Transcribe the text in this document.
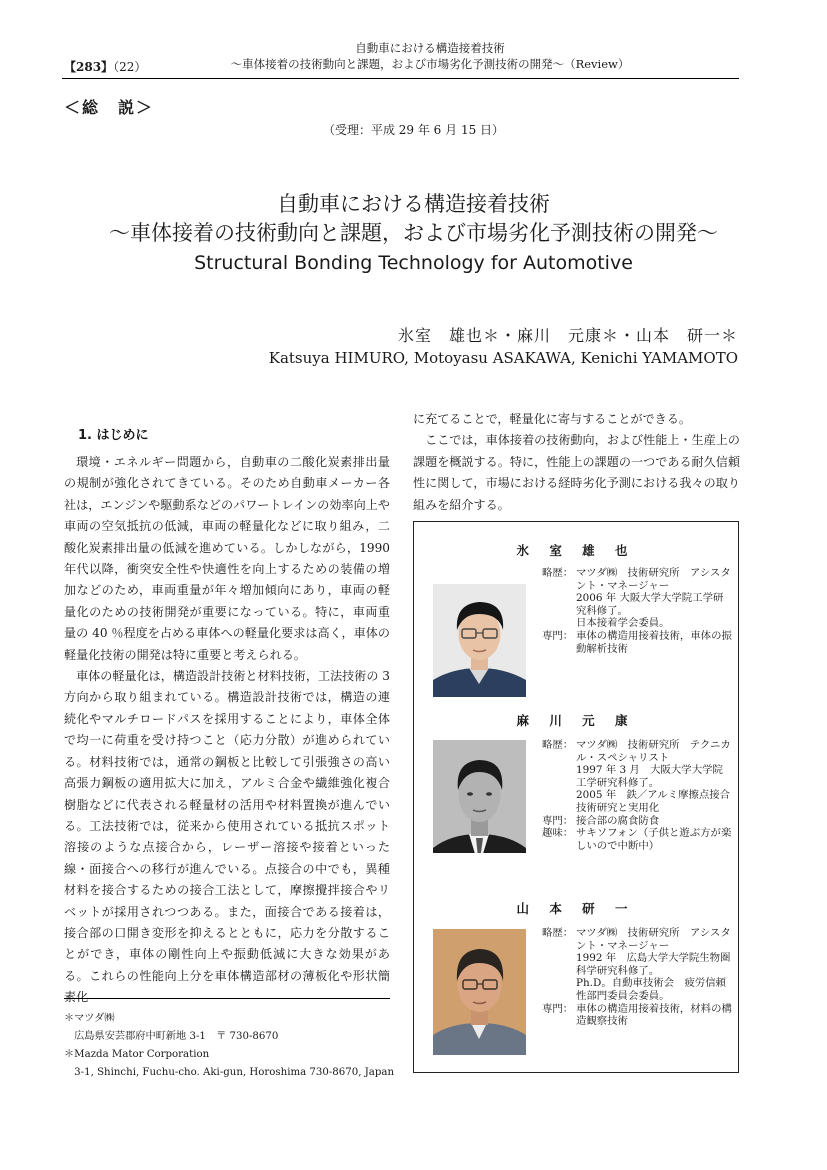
【283】（22）
自動車における構造接着技術
～車体接着の技術動向と課題，および市場劣化予測技術の開発～（Review）
＜総　説＞
（受理：平成 29 年 6 月 15 日）
自動車における構造接着技術
～車体接着の技術動向と課題，および市場劣化予測技術の開発～
Structural Bonding Technology for Automotive
氷室　雄也＊・麻川　元康＊・山本　研一＊
Katsuya HIMURO, Motoyasu ASAKAWA, Kenichi YAMAMOTO
1. はじめに

環境・エネルギー問題から，自動車の二酸化炭素排出量の規制が強化されてきている。そのため自動車メーカー各社は，エンジンや駆動系などのパワートレインの効率向上や車両の空気抵抗の低減，車両の軽量化などに取り組み，二酸化炭素排出量の低減を進めている。しかしながら，1990 年代以降，衝突安全性や快適性を向上するための装備の増加などのため，車両重量が年々増加傾向にあり，車両の軽量化のための技術開発が重要になっている。特に，車両重量の 40 ％程度を占める車体への軽量化要求は高く，車体の軽量化技術の開発は特に重要と考えられる。

車体の軽量化は，構造設計技術と材料技術，工法技術の 3 方向から取り組まれている。構造設計技術では，構造の連続化やマルチロードパスを採用することにより，車体全体で均一に荷重を受け持つこと（応力分散）が進められている。材料技術では，通常の鋼板と比較して引張強さの高い高張力鋼板の適用拡大に加え，アルミ合金や繊維強化複合樹脂などに代表される軽量材の活用や材料置換が進んでいる。工法技術では，従来から使用されている抵抗スポット溶接のような点接合から，レーザー溶接や接着といった線・面接合への移行が進んでいる。点接合の中でも，異種材料を接合するための接合工法として，摩擦攪拌接合やリベットが採用されつつある。また，面接合である接着は，接合部の口開き変形を抑えるとともに，応力を分散することができ，車体の剛性向上や振動低減に大きな効果がある。これらの性能向上分を車体構造部材の薄板化や形状簡

に充てることで，軽量化に寄与することができる。

ここでは，車体接着の技術動向，および性能上・生産上の課題を概説する。特に，性能上の課題の一つである耐久信頼性に関して，市場における経時劣化予測における我々の取り組みを紹介する。

＊マツダ㈱
　広島県安芸郡府中町新地 3-1　〒 730-8670
＊Mazda Mator Corporation
　3-1, Shinchi, Fuchu-cho. Aki-gun, Horoshima 730-8670, Japan
氷 室 雄 也
略歴： マツダ㈱　技術研究所　アシスタント・マネージャー
2006 年 大阪大学大学院工学研究科修了。
日本接着学会委員。
専門： 車体の構造用接着技術，車体の振動解析技術
麻 川 元 康
略歴： マツダ㈱　技術研究所　テクニカル・スペシャリスト
1997 年 3 月　大阪大学大学院工学研究科修了。
2005 年　鉄／アルミ摩擦点接合技術研究と実用化
専門： 接合部の腐食防食
趣味： サキソフォン（子供と遊ぶ方が楽しいので中断中）
山 本 研 一
略歴： マツダ㈱　技術研究所　アシスタント・マネージャー
1992 年　広島大学大学院生物圏科学研究科修了。
Ph.D。自動車技術会　疲労信頼性部門委員会委員。
専門： 車体の構造用接着技術，材料の構造観察技術
